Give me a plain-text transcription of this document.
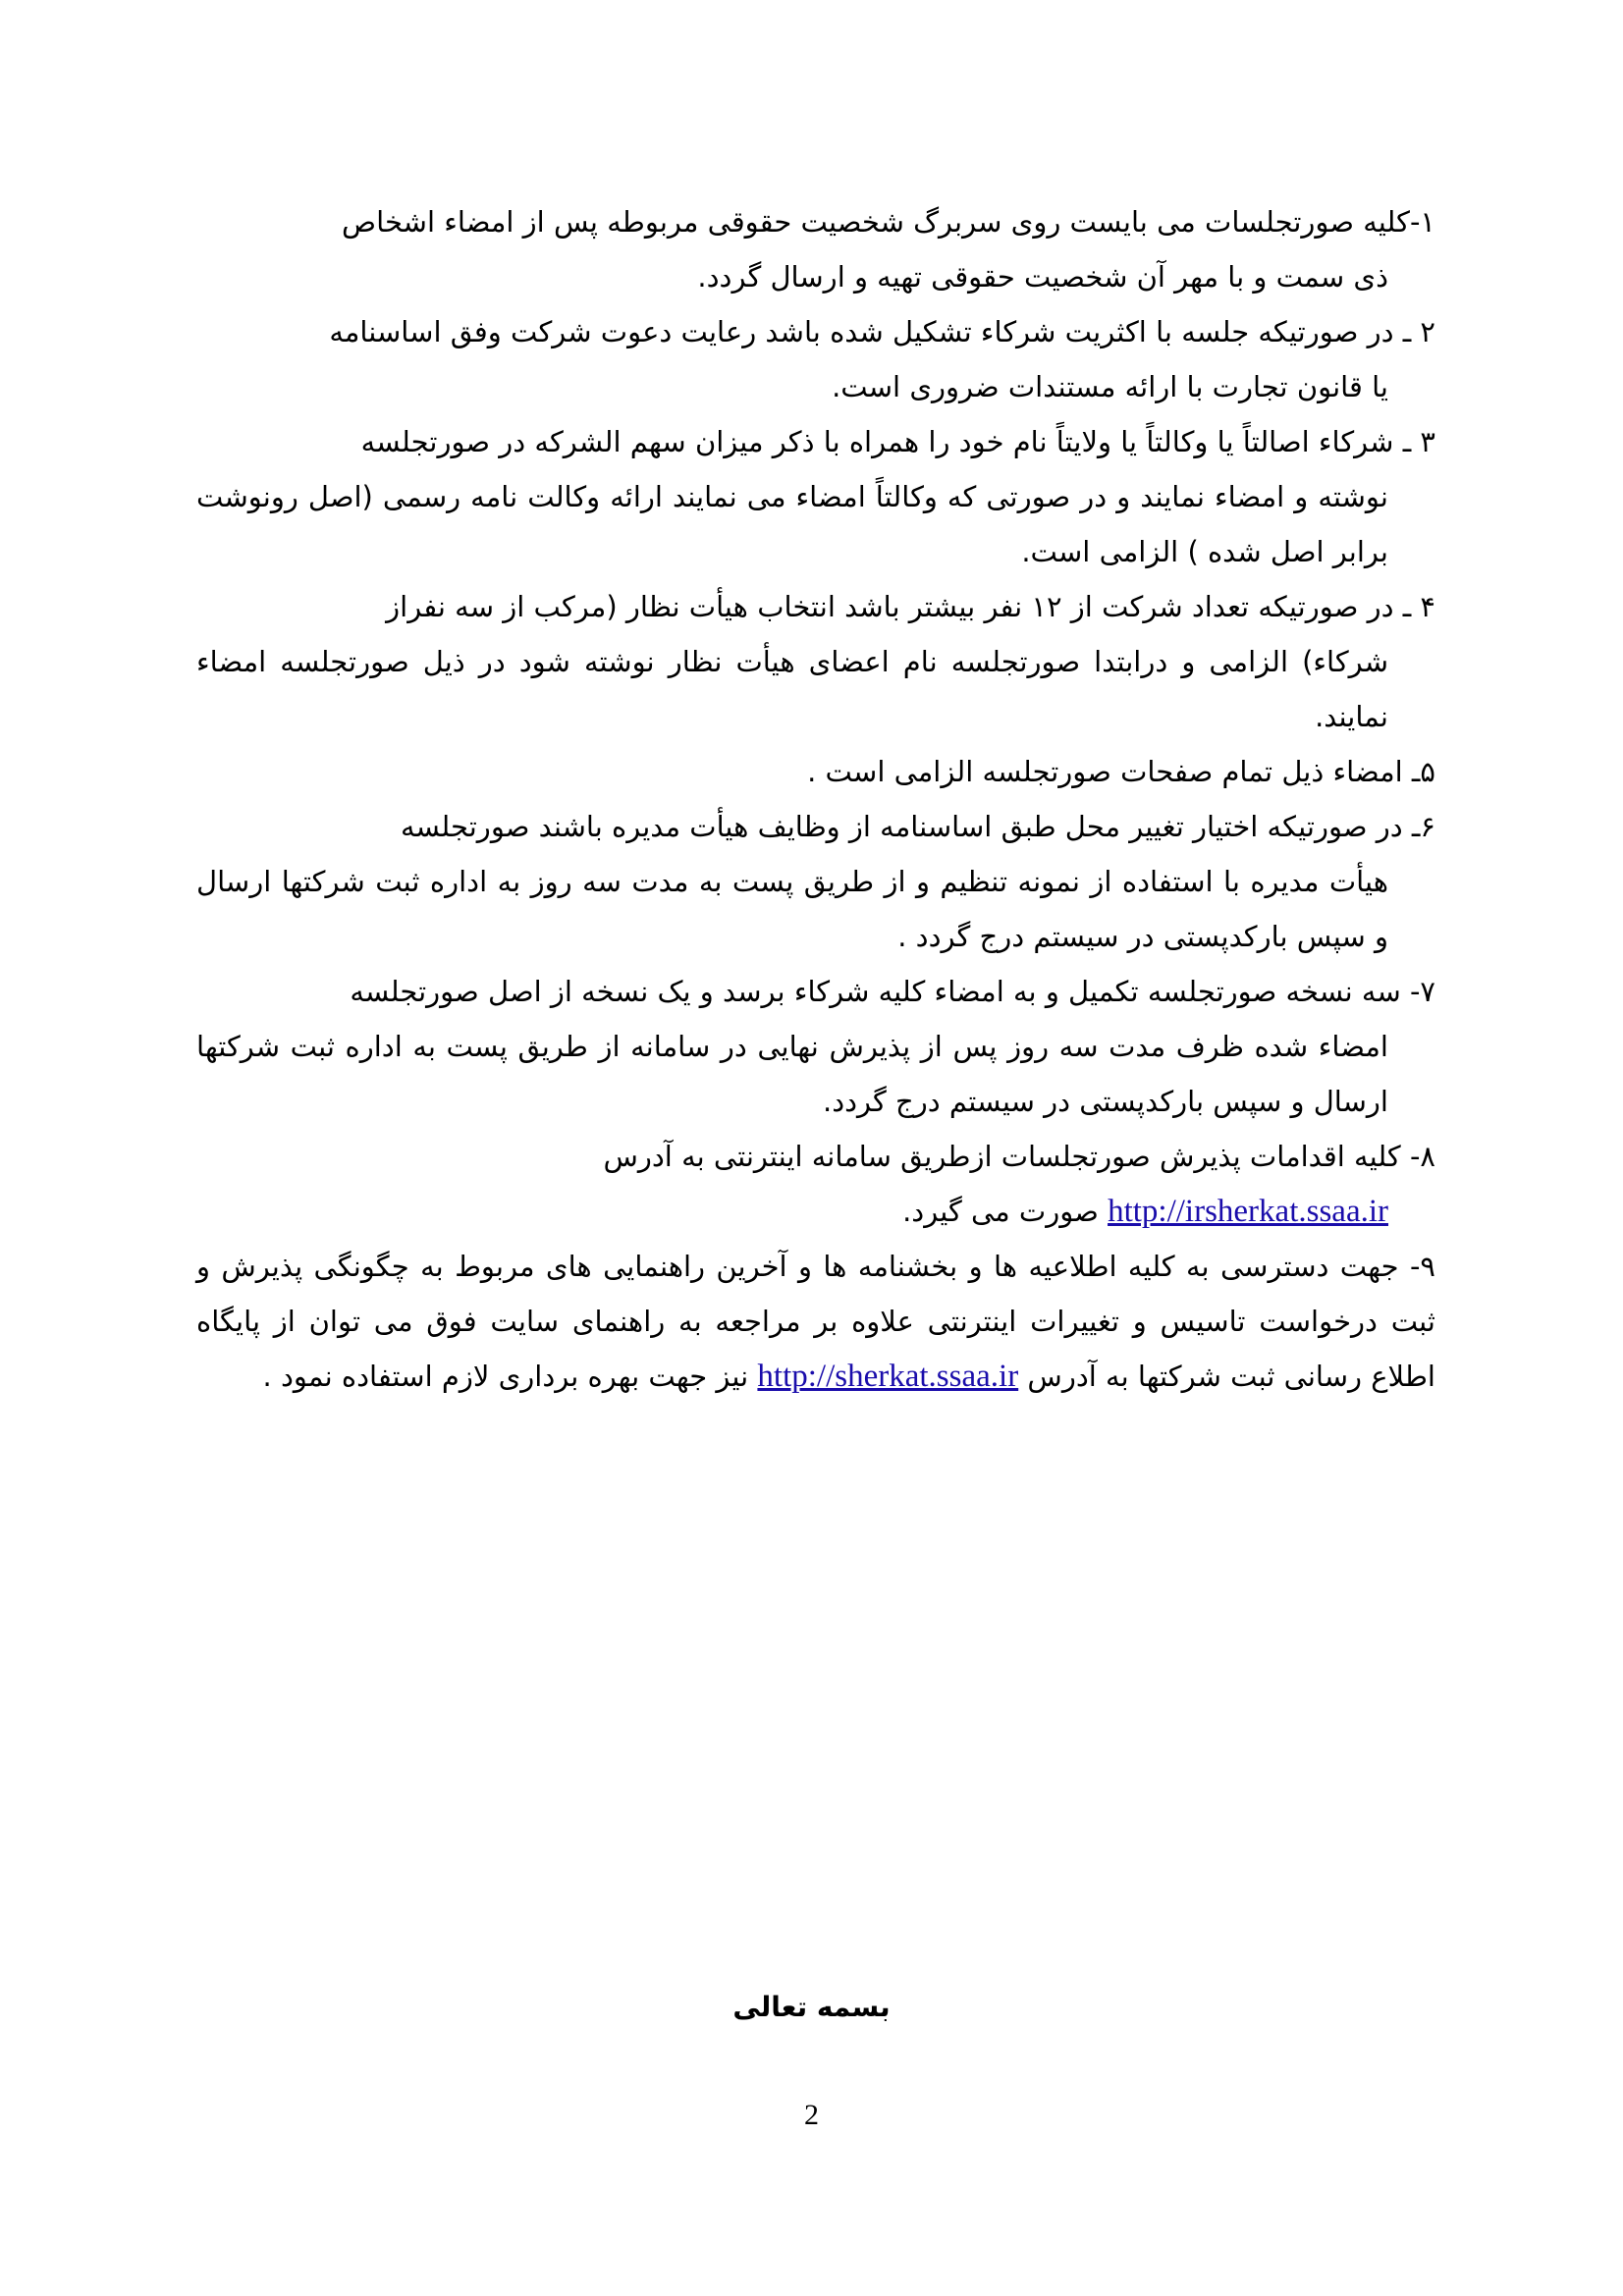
۱-کلیه صورتجلسات می بایست روی سربرگ شخصیت حقوقی مربوطه پس از امضاء اشخاص
ذی سمت و با مهر آن شخصیت حقوقی تهیه و ارسال گردد.

۲ ـ در صورتیکه جلسه با اکثریت شرکاء تشکیل شده باشد رعایت دعوت شرکت وفق اساسنامه
یا قانون تجارت با ارائه مستندات ضروری است.

۳ ـ شرکاء اصالتاً یا وکالتاً یا ولایتاً نام خود را همراه با ذکر میزان سهم الشرکه در صورتجلسه
نوشته و امضاء نمایند و در صورتی که وکالتاً امضاء می نمایند ارائه وکالت نامه رسمی (اصل رونوشت برابر اصل شده ) الزامی است.

۴ ـ در صورتیکه تعداد شرکت از ۱۲ نفر بیشتر باشد انتخاب هیأت نظار (مرکب از سه نفراز
شرکاء) الزامی و درابتدا صورتجلسه نام اعضای هیأت نظار نوشته شود در ذیل صورتجلسه امضاء نمایند.

۵ـ امضاء ذیل تمام صفحات صورتجلسه الزامی است .

۶ـ در صورتیکه اختیار تغییر محل طبق اساسنامه از وظایف هیأت مدیره باشند صورتجلسه
هیأت مدیره با استفاده از نمونه تنظیم و از طریق پست به مدت سه روز به اداره ثبت شرکتها ارسال و سپس بارکدپستی در سیستم درج گردد .

۷- سه نسخه صورتجلسه تکمیل و به امضاء کلیه شرکاء برسد و یک نسخه از اصل صورتجلسه
امضاء شده ظرف مدت سه روز پس از پذیرش نهایی در سامانه از طریق پست به اداره ثبت شرکتها ارسال و سپس بارکدپستی در سیستم درج گردد.

۸- کلیه اقدامات پذیرش صورتجلسات ازطریق سامانه اینترنتی به آدرس
http://irsherkat.ssaa.ir صورت می گیرد.

۹- جهت دسترسی به کلیه اطلاعیه ها و بخشنامه ها و آخرین راهنمایی های مربوط به چگونگی پذیرش و ثبت درخواست تاسیس و تغییرات اینترنتی علاوه بر مراجعه به راهنمای سایت فوق می توان از پایگاه اطلاع رسانی ثبت شرکتها به آدرس http://sherkat.ssaa.ir نیز جهت بهره برداری لازم استفاده نمود .

بسمه تعالی
2
